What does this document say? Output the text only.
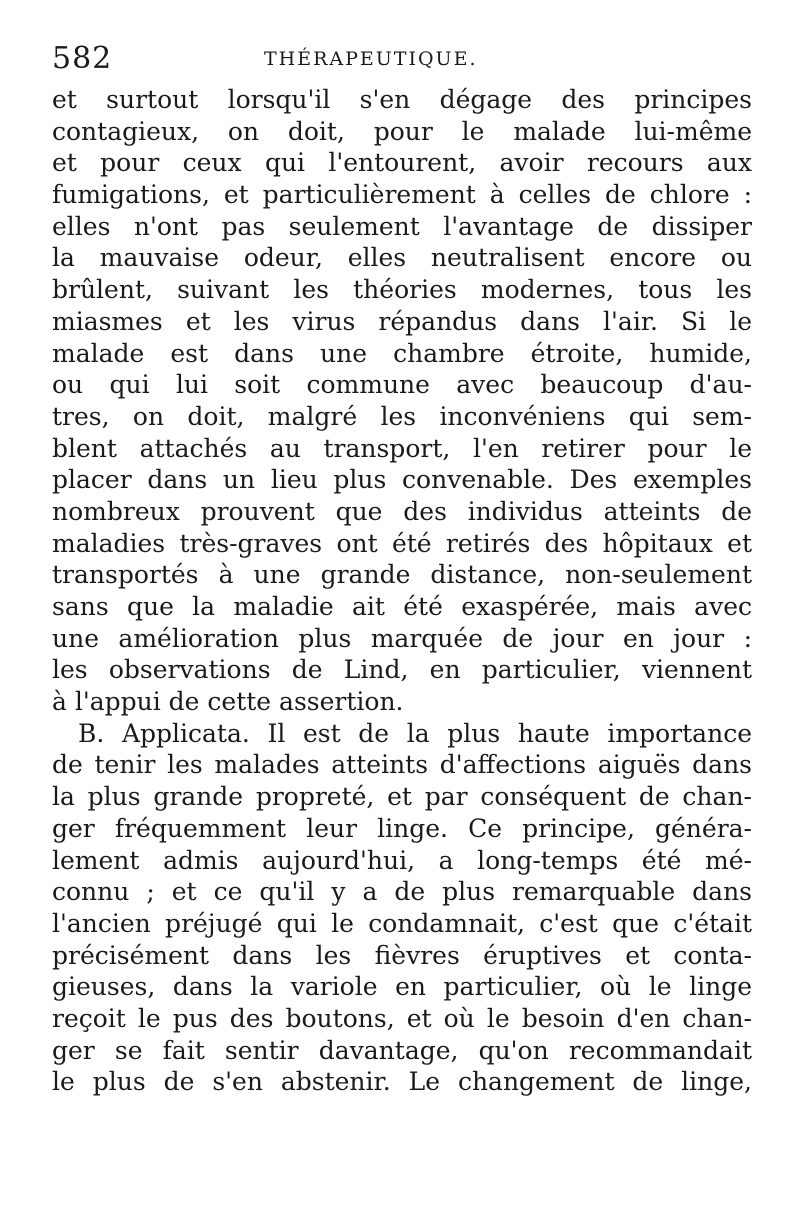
582	THÉRAPEUTIQUE.
et surtout lorsqu'il s'en dégage des principes
contagieux, on doit, pour le malade lui-même
et pour ceux qui l'entourent, avoir recours aux
fumigations, et particulièrement à celles de chlore :
elles n'ont pas seulement l'avantage de dissiper
la mauvaise odeur, elles neutralisent encore ou
brûlent, suivant les théories modernes, tous les
miasmes et les virus répandus dans l'air. Si le
malade est dans une chambre étroite, humide,
ou qui lui soit commune avec beaucoup d'au-
tres, on doit, malgré les inconvéniens qui sem-
blent attachés au transport, l'en retirer pour le
placer dans un lieu plus convenable. Des exemples
nombreux prouvent que des individus atteints de
maladies très-graves ont été retirés des hôpitaux et
transportés à une grande distance, non-seulement
sans que la maladie ait été exaspérée, mais avec
une amélioration plus marquée de jour en jour :
les observations de Lind, en particulier, viennent
à l'appui de cette assertion.
B. Applicata. Il est de la plus haute importance
de tenir les malades atteints d'affections aiguës dans
la plus grande propreté, et par conséquent de chan-
ger fréquemment leur linge. Ce principe, généra-
lement admis aujourd'hui, a long-temps été mé-
connu ; et ce qu'il y a de plus remarquable dans
l'ancien préjugé qui le condamnait, c'est que c'était
précisément dans les fièvres éruptives et conta-
gieuses, dans la variole en particulier, où le linge
reçoit le pus des boutons, et où le besoin d'en chan-
ger se fait sentir davantage, qu'on recommandait
le plus de s'en abstenir. Le changement de linge,
